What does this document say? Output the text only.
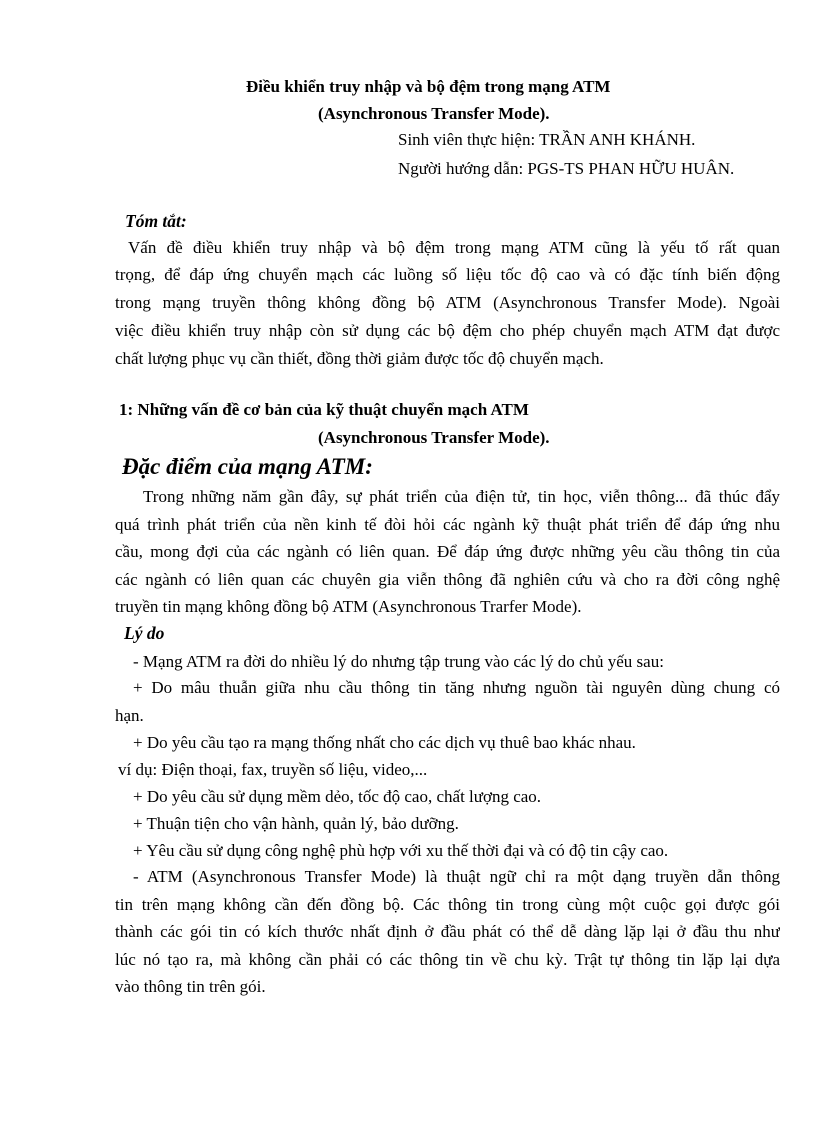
Điều khiển truy nhập và bộ đệm trong mạng ATM

(Asynchronous Transfer Mode).

Sinh viên thực hiện: TRẦN ANH KHÁNH.

Người hướng dẫn: PGS-TS PHAN HỮU HUÂN.

Tóm tắt:

Vấn đề điều khiển truy nhập và bộ đệm trong mạng ATM cũng là yếu tố rất quan

trọng, để đáp ứng chuyển mạch các luồng số liệu tốc độ cao và có đặc tính biến động

trong mạng truyền thông không đồng bộ ATM (Asynchronous Transfer Mode). Ngoài

việc điều khiển truy nhập còn sử dụng các bộ đệm cho phép chuyển mạch ATM đạt được

chất lượng phục vụ cần thiết, đồng thời giảm được tốc độ chuyển mạch.

1: Những vấn đề cơ bản của kỹ thuật chuyển mạch ATM

(Asynchronous Transfer Mode).

Đặc điểm của mạng ATM:

Trong những năm gần đây, sự phát triển của điện tử, tin học, viễn thông... đã thúc đẩy

quá trình phát triển của nền kinh tế đòi hỏi các ngành kỹ thuật phát triển để đáp ứng nhu

cầu, mong đợi của các ngành có liên quan. Để đáp ứng được những yêu cầu thông tin của

các ngành có liên quan các chuyên gia viễn thông đã nghiên cứu và cho ra đời công nghệ

truyền tin mạng không đồng bộ ATM (Asynchronous Trarfer Mode).

Lý do

- Mạng ATM ra đời do nhiều lý do nhưng tập trung vào các lý do chủ yếu sau:

+ Do mâu thuẫn giữa nhu cầu thông tin tăng nhưng nguồn tài nguyên dùng chung có

hạn.

+ Do yêu cầu tạo ra mạng thống nhất cho các dịch vụ thuê bao khác nhau.

ví dụ: Điện thoại, fax, truyền số liệu, video,...

+ Do yêu cầu sử dụng mềm dẻo, tốc độ cao, chất lượng cao.

+ Thuận tiện cho vận hành, quản lý, bảo dưỡng.

+ Yêu cầu sử dụng công nghệ phù hợp với xu thế thời đại và có độ tin cậy cao.

- ATM (Asynchronous Transfer Mode) là thuật ngữ chỉ ra một dạng truyền dẫn thông

tin trên mạng không cần đến đồng bộ. Các thông tin trong cùng một cuộc gọi được gói

thành các gói tin có kích thước nhất định ở đầu phát có thể dễ dàng lặp lại ở đầu thu như

lúc nó tạo ra, mà không cần phải có các thông tin về chu kỳ. Trật tự thông tin lặp lại dựa

vào thông tin trên gói.
